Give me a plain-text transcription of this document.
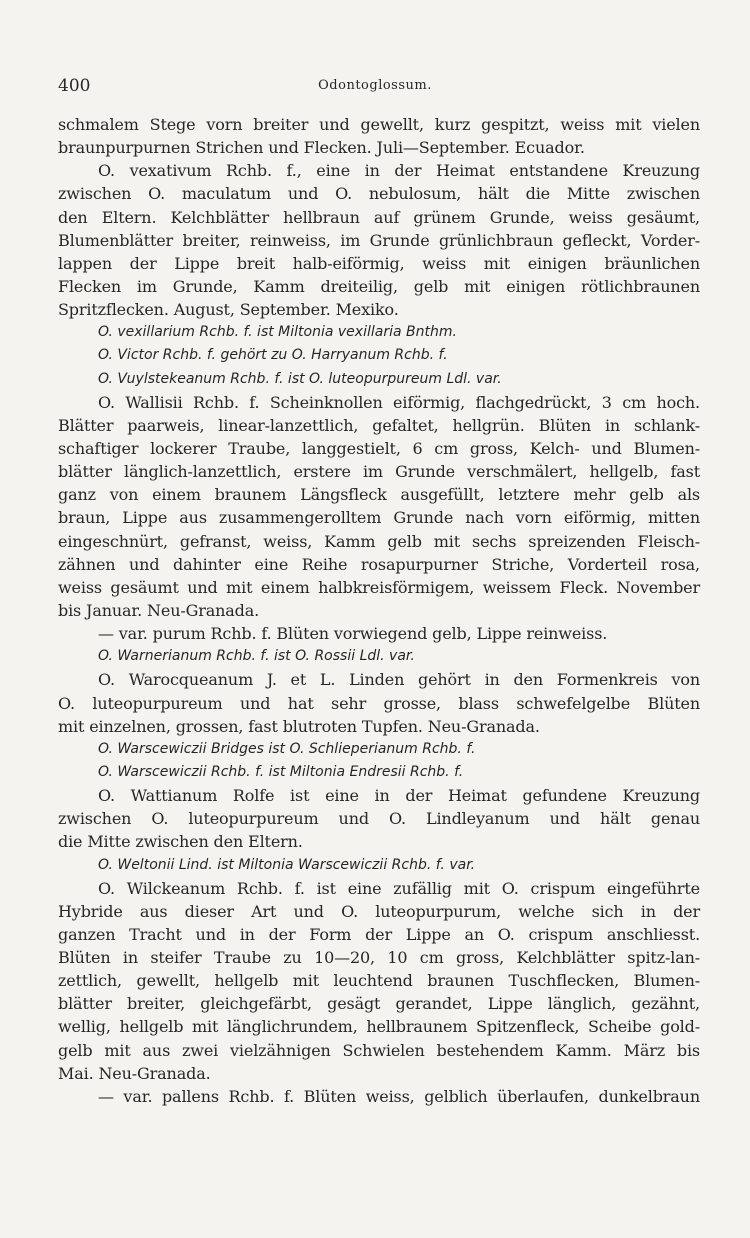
400	Odontoglossum.
schmalem Stege vorn breiter und gewellt, kurz gespitzt, weiss mit vielen
braunpurpurnen Strichen und Flecken. Juli—September. Ecuador.
O. vexativum Rchb. f., eine in der Heimat entstandene Kreuzung
zwischen O. maculatum und O. nebulosum, hält die Mitte zwischen
den Eltern. Kelchblätter hellbraun auf grünem Grunde, weiss gesäumt,
Blumenblätter breiter, reinweiss, im Grunde grünlichbraun gefleckt, Vorder-
lappen der Lippe breit halb-eiförmig, weiss mit einigen bräunlichen
Flecken im Grunde, Kamm dreiteilig, gelb mit einigen rötlichbraunen
Spritzflecken. August, September. Mexiko.
O. vexillarium Rchb. f. ist Miltonia vexillaria Bnthm.
O. Victor Rchb. f. gehört zu O. Harryanum Rchb. f.
O. Vuylstekeanum Rchb. f. ist O. luteopurpureum Ldl. var.
O. Wallisii Rchb. f. Scheinknollen eiförmig, flachgedrückt, 3 cm hoch.
Blätter paarweis, linear-lanzettlich, gefaltet, hellgrün. Blüten in schlank-
schaftiger lockerer Traube, langgestielt, 6 cm gross, Kelch- und Blumen-
blätter länglich-lanzettlich, erstere im Grunde verschmälert, hellgelb, fast
ganz von einem braunem Längsfleck ausgefüllt, letztere mehr gelb als
braun, Lippe aus zusammengerolltem Grunde nach vorn eiförmig, mitten
eingeschnürt, gefranst, weiss, Kamm gelb mit sechs spreizenden Fleisch-
zähnen und dahinter eine Reihe rosapurpurner Striche, Vorderteil rosa,
weiss gesäumt und mit einem halbkreisförmigem, weissem Fleck. November
bis Januar. Neu-Granada.
— var. purum Rchb. f. Blüten vorwiegend gelb, Lippe reinweiss.
O. Warnerianum Rchb. f. ist O. Rossii Ldl. var.
O. Warocqueanum J. et L. Linden gehört in den Formenkreis von
O. luteopurpureum und hat sehr grosse, blass schwefelgelbe Blüten
mit einzelnen, grossen, fast blutroten Tupfen. Neu-Granada.
O. Warscewiczii Bridges ist O. Schlieperianum Rchb. f.
O. Warscewiczii Rchb. f. ist Miltonia Endresii Rchb. f.
O. Wattianum Rolfe ist eine in der Heimat gefundene Kreuzung
zwischen O. luteopurpureum und O. Lindleyanum und hält genau
die Mitte zwischen den Eltern.
O. Weltonii Lind. ist Miltonia Warscewiczii Rchb. f. var.
O. Wilckeanum Rchb. f. ist eine zufällig mit O. crispum eingeführte
Hybride aus dieser Art und O. luteopurpurum, welche sich in der
ganzen Tracht und in der Form der Lippe an O. crispum anschliesst.
Blüten in steifer Traube zu 10—20, 10 cm gross, Kelchblätter spitz-lan-
zettlich, gewellt, hellgelb mit leuchtend braunen Tuschflecken, Blumen-
blätter breiter, gleichgefärbt, gesägt gerandet, Lippe länglich, gezähnt,
wellig, hellgelb mit länglichrundem, hellbraunem Spitzenfleck, Scheibe gold-
gelb mit aus zwei vielzähnigen Schwielen bestehendem Kamm. März bis
Mai. Neu-Granada.
— var. pallens Rchb. f. Blüten weiss, gelblich überlaufen, dunkelbraun
